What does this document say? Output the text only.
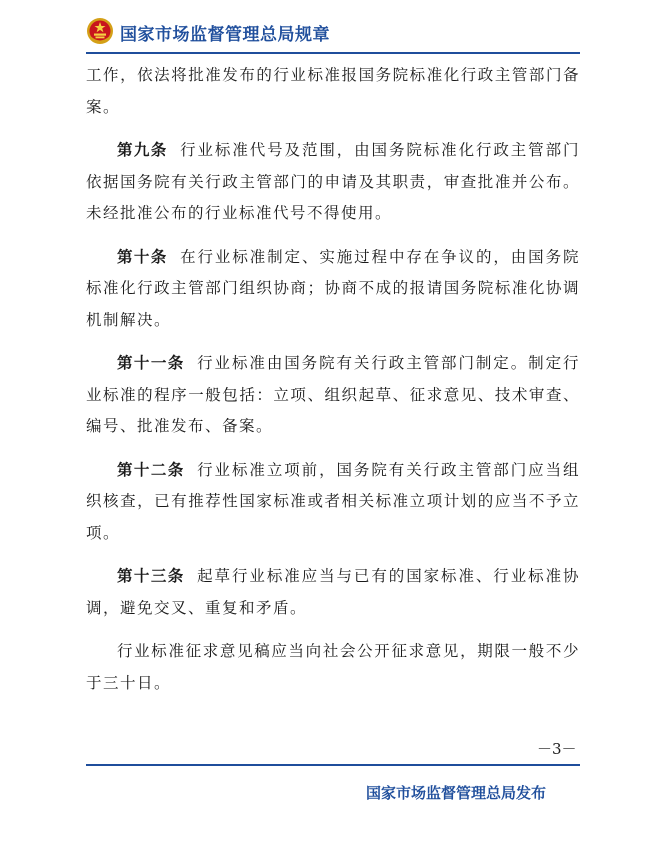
国家市场监督管理总局规章

工作，依法将批准发布的行业标准报国务院标准化行政主管部门备案。

第九条 行业标准代号及范围，由国务院标准化行政主管部门依据国务院有关行政主管部门的申请及其职责，审查批准并公布。未经批准公布的行业标准代号不得使用。

第十条 在行业标准制定、实施过程中存在争议的，由国务院标准化行政主管部门组织协商；协商不成的报请国务院标准化协调机制解决。

第十一条 行业标准由国务院有关行政主管部门制定。制定行业标准的程序一般包括：立项、组织起草、征求意见、技术审查、编号、批准发布、备案。

第十二条 行业标准立项前，国务院有关行政主管部门应当组织核查，已有推荐性国家标准或者相关标准立项计划的应当不予立项。

第十三条 起草行业标准应当与已有的国家标准、行业标准协调，避免交叉、重复和矛盾。

行业标准征求意见稿应当向社会公开征求意见，期限一般不少于三十日。

－3－
国家市场监督管理总局发布
